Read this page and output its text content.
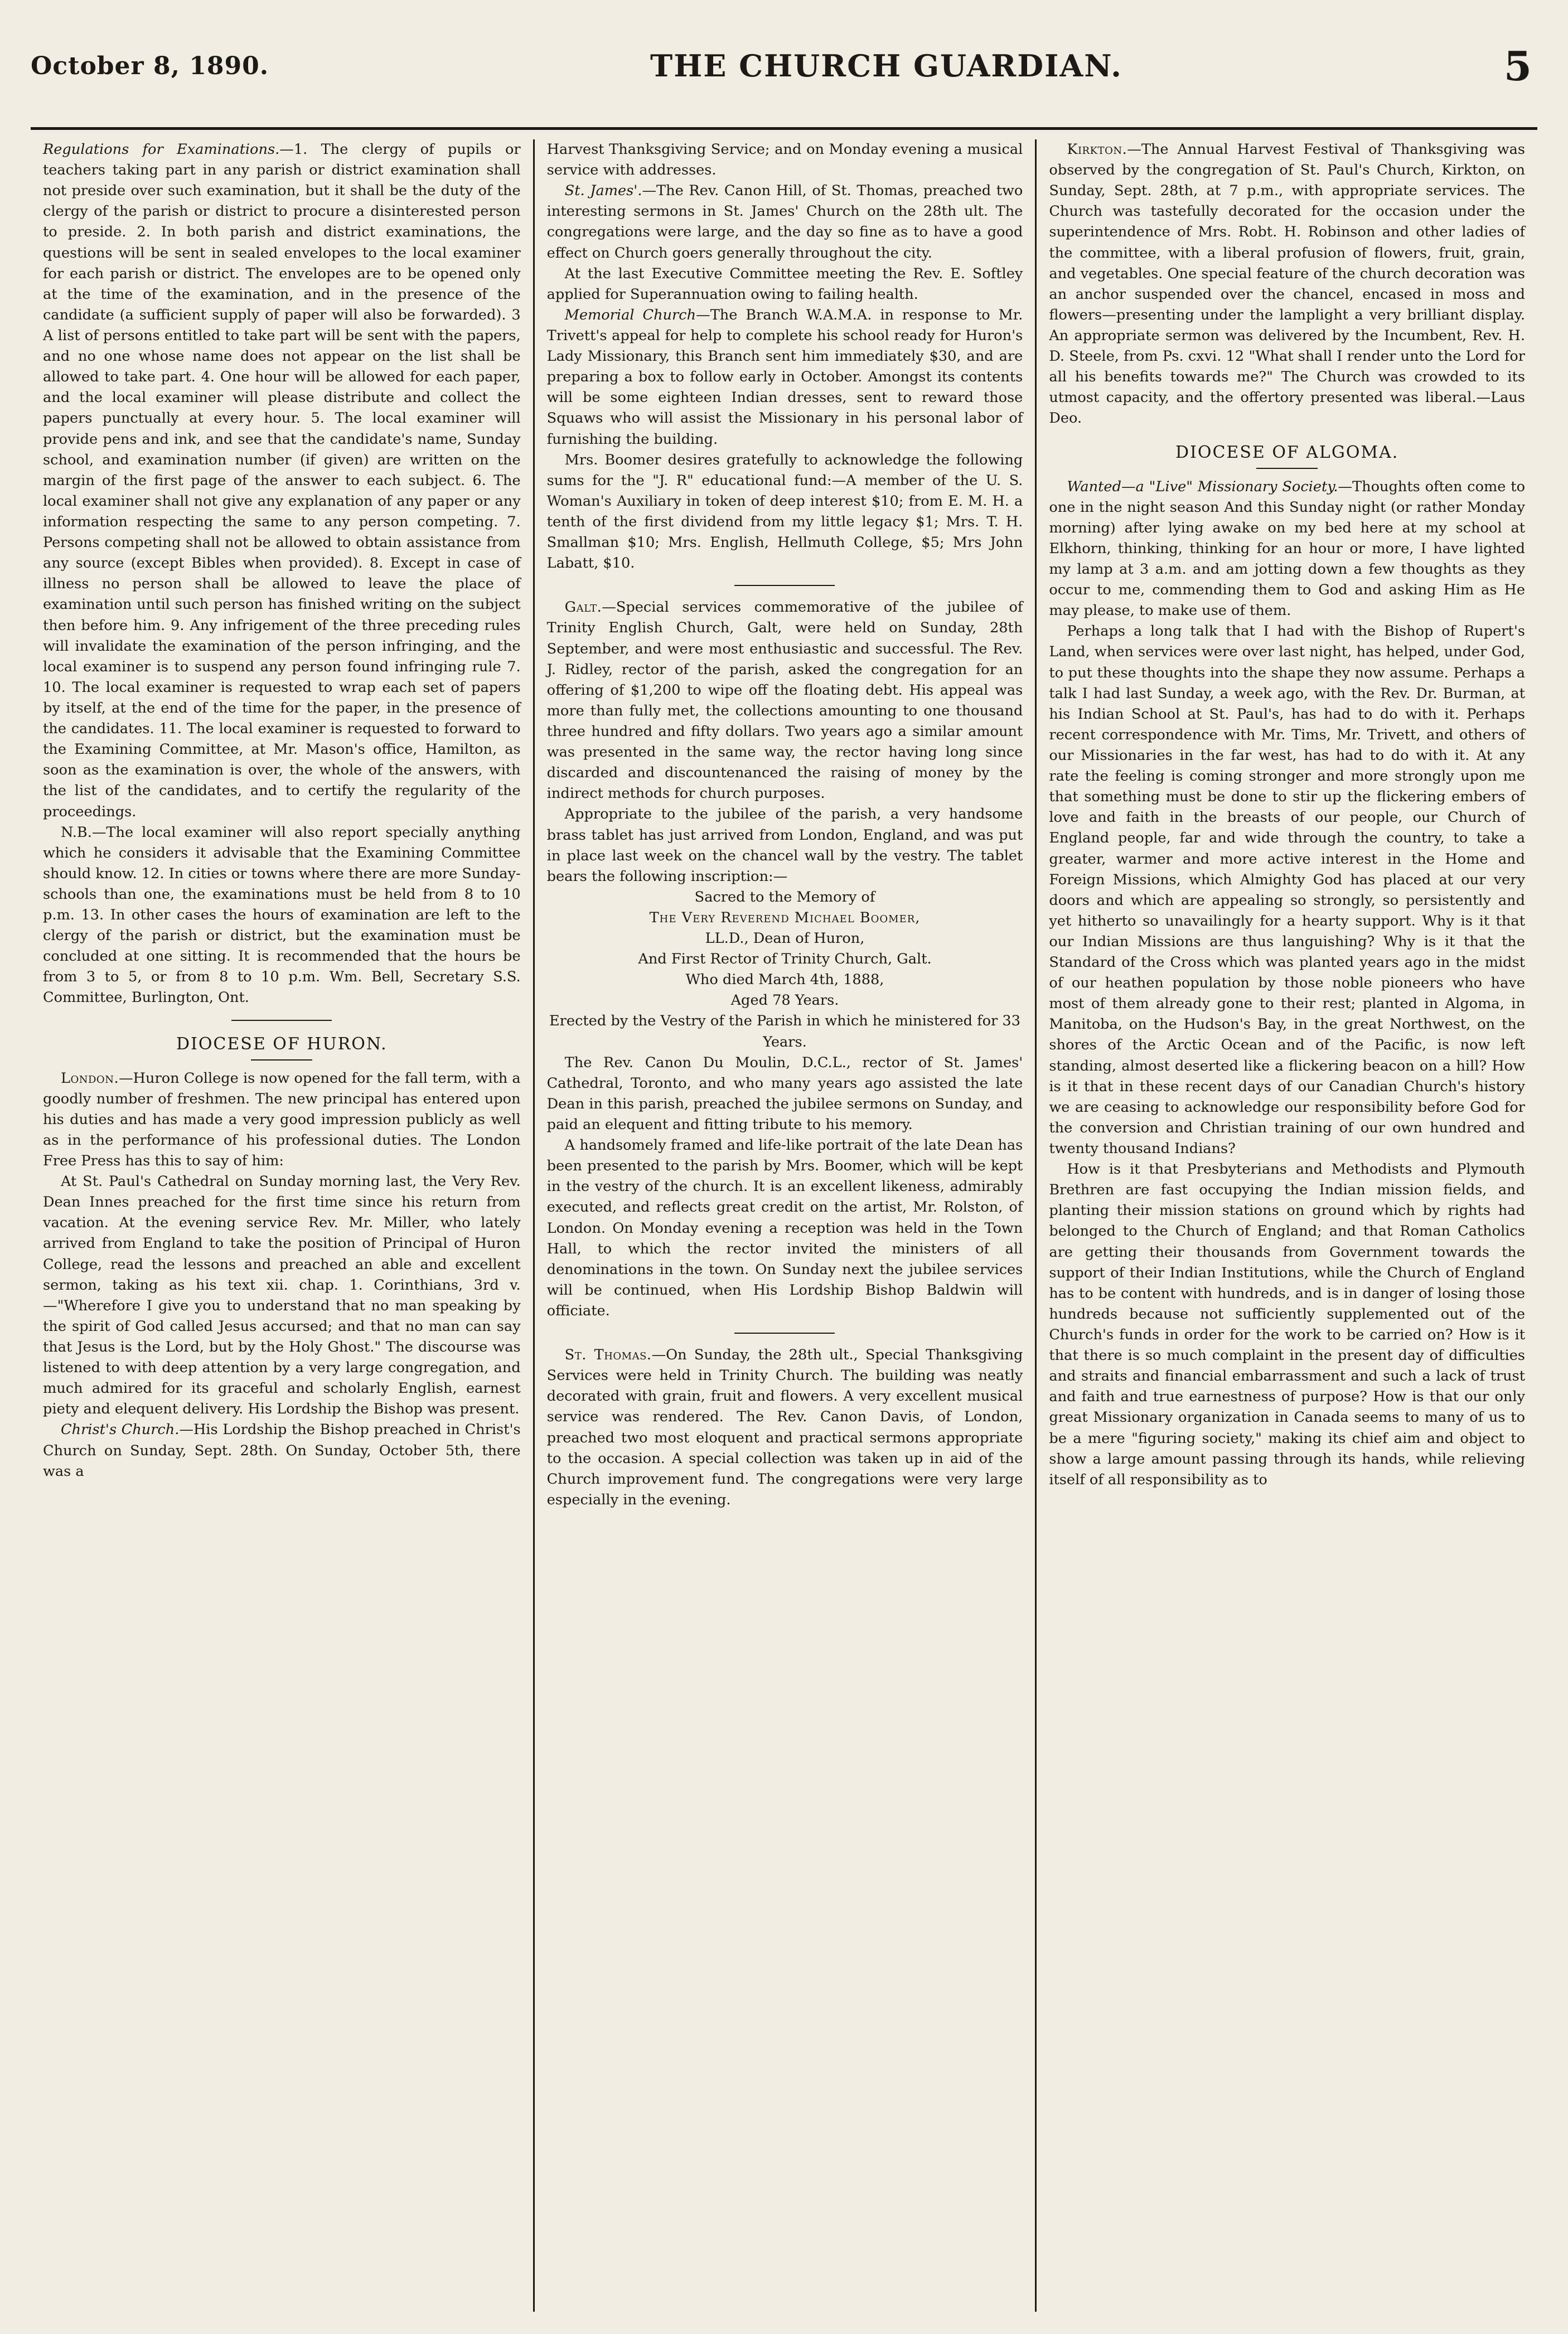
October 8, 1890.	THE CHURCH GUARDIAN.	5

Regulations for Examinations.—1. The clergy of pupils or teachers taking part in any parish or district examination shall not preside over such examination, but it shall be the duty of the clergy of the parish or district to procure a disinterested person to preside. 2. In both parish and district examinations, the questions will be sent in sealed envelopes to the local examiner for each parish or district. The envelopes are to be opened only at the time of the examination, and in the presence of the candidate (a sufficient supply of paper will also be forwarded). 3 A list of persons entitled to take part will be sent with the papers, and no one whose name does not appear on the list shall be allowed to take part. 4. One hour will be allowed for each paper, and the local examiner will please distribute and collect the papers punctually at every hour. 5. The local examiner will provide pens and ink, and see that the candidate's name, Sunday school, and examination number (if given) are written on the margin of the first page of the answer to each subject. 6. The local examiner shall not give any explanation of any paper or any information respecting the same to any person competing. 7. Persons competing shall not be allowed to obtain assistance from any source (except Bibles when provided). 8. Except in case of illness no person shall be allowed to leave the place of examination until such person has finished writing on the subject then before him. 9. Any infrigement of the three preceding rules will invalidate the examination of the person infringing, and the local examiner is to suspend any person found infringing rule 7. 10. The local examiner is requested to wrap each set of papers by itself, at the end of the time for the paper, in the presence of the candidates. 11. The local examiner is requested to forward to the Examining Committee, at Mr. Mason's office, Hamilton, as soon as the examination is over, the whole of the answers, with the list of the candidates, and to certify the regularity of the proceedings.

N.B.—The local examiner will also report specially anything which he considers it advisable that the Examining Committee should know. 12. In cities or towns where there are more Sunday-schools than one, the examinations must be held from 8 to 10 p.m. 13. In other cases the hours of examination are left to the clergy of the parish or district, but the examination must be concluded at one sitting. It is recommended that the hours be from 3 to 5, or from 8 to 10 p.m. Wm. Bell, Secretary S.S. Committee, Burlington, Ont.

DIOCESE OF HURON.

London.—Huron College is now opened for the fall term, with a goodly number of freshmen. The new principal has entered upon his duties and has made a very good impression publicly as well as in the performance of his professional duties. The London Free Press has this to say of him:

At St. Paul's Cathedral on Sunday morning last, the Very Rev. Dean Innes preached for the first time since his return from vacation. At the evening service Rev. Mr. Miller, who lately arrived from England to take the position of Principal of Huron College, read the lessons and preached an able and excellent sermon, taking as his text xii. chap. 1. Corinthians, 3rd v.—"Wherefore I give you to understand that no man speaking by the spirit of God called Jesus accursed; and that no man can say that Jesus is the Lord, but by the Holy Ghost." The discourse was listened to with deep attention by a very large congregation, and much admired for its graceful and scholarly English, earnest piety and elequent delivery. His Lordship the Bishop was present.

Christ's Church.—His Lordship the Bishop preached in Christ's Church on Sunday, Sept. 28th. On Sunday, October 5th, there was a

Harvest Thanksgiving Service; and on Monday evening a musical service with addresses.

St. James'.—The Rev. Canon Hill, of St. Thomas, preached two interesting sermons in St. James' Church on the 28th ult. The congregations were large, and the day so fine as to have a good effect on Church goers generally throughout the city.

At the last Executive Committee meeting the Rev. E. Softley applied for Superannuation owing to failing health.

Memorial Church—The Branch W.A.M.A. in response to Mr. Trivett's appeal for help to complete his school ready for Huron's Lady Missionary, this Branch sent him immediately $30, and are preparing a box to follow early in October. Amongst its contents will be some eighteen Indian dresses, sent to reward those Squaws who will assist the Missionary in his personal labor of furnishing the building.

Mrs. Boomer desires gratefully to acknowledge the following sums for the "J. R" educational fund:—A member of the U. S. Woman's Auxiliary in token of deep interest $10; from E. M. H. a tenth of the first dividend from my little legacy $1; Mrs. T. H. Smallman $10; Mrs. English, Hellmuth College, $5; Mrs John Labatt, $10.

Galt.—Special services commemorative of the jubilee of Trinity English Church, Galt, were held on Sunday, 28th September, and were most enthusiastic and successful. The Rev. J. Ridley, rector of the parish, asked the congregation for an offering of $1,200 to wipe off the floating debt. His appeal was more than fully met, the collections amounting to one thousand three hundred and fifty dollars. Two years ago a similar amount was presented in the same way, the rector having long since discarded and discountenanced the raising of money by the indirect methods for church purposes.

Appropriate to the jubilee of the parish, a very handsome brass tablet has just arrived from London, England, and was put in place last week on the chancel wall by the vestry. The tablet bears the following inscription:—

Sacred to the Memory of

The Very Reverend Michael Boomer,

LL.D., Dean of Huron,

And First Rector of Trinity Church, Galt.

Who died March 4th, 1888,

Aged 78 Years.

Erected by the Vestry of the Parish in which he ministered for 33 Years.

The Rev. Canon Du Moulin, D.C.L., rector of St. James' Cathedral, Toronto, and who many years ago assisted the late Dean in this parish, preached the jubilee sermons on Sunday, and paid an elequent and fitting tribute to his memory.

A handsomely framed and life-like portrait of the late Dean has been presented to the parish by Mrs. Boomer, which will be kept in the vestry of the church. It is an excellent likeness, admirably executed, and reflects great credit on the artist, Mr. Rolston, of London. On Monday evening a reception was held in the Town Hall, to which the rector invited the ministers of all denominations in the town. On Sunday next the jubilee services will be continued, when His Lordship Bishop Baldwin will officiate.

St. Thomas.—On Sunday, the 28th ult., Special Thanksgiving Services were held in Trinity Church. The building was neatly decorated with grain, fruit and flowers. A very excellent musical service was rendered. The Rev. Canon Davis, of London, preached two most eloquent and practical sermons appropriate to the occasion. A special collection was taken up in aid of the Church improvement fund. The congregations were very large especially in the evening.

Kirkton.—The Annual Harvest Festival of Thanksgiving was observed by the congregation of St. Paul's Church, Kirkton, on Sunday, Sept. 28th, at 7 p.m., with appropriate services. The Church was tastefully decorated for the occasion under the superintendence of Mrs. Robt. H. Robinson and other ladies of the committee, with a liberal profusion of flowers, fruit, grain, and vegetables. One special feature of the church decoration was an anchor suspended over the chancel, encased in moss and flowers—presenting under the lamplight a very brilliant display. An appropriate sermon was delivered by the Incumbent, Rev. H. D. Steele, from Ps. cxvi. 12 "What shall I render unto the Lord for all his benefits towards me?" The Church was crowded to its utmost capacity, and the offertory presented was liberal.—Laus Deo.

DIOCESE OF ALGOMA.

Wanted—a "Live" Missionary Society.—Thoughts often come to one in the night season And this Sunday night (or rather Monday morning) after lying awake on my bed here at my school at Elkhorn, thinking, thinking for an hour or more, I have lighted my lamp at 3 a.m. and am jotting down a few thoughts as they occur to me, commending them to God and asking Him as He may please, to make use of them.

Perhaps a long talk that I had with the Bishop of Rupert's Land, when services were over last night, has helped, under God, to put these thoughts into the shape they now assume. Perhaps a talk I had last Sunday, a week ago, with the Rev. Dr. Burman, at his Indian School at St. Paul's, has had to do with it. Perhaps recent correspondence with Mr. Tims, Mr. Trivett, and others of our Missionaries in the far west, has had to do with it. At any rate the feeling is coming stronger and more strongly upon me that something must be done to stir up the flickering embers of love and faith in the breasts of our people, our Church of England people, far and wide through the country, to take a greater, warmer and more active interest in the Home and Foreign Missions, which Almighty God has placed at our very doors and which are appealing so strongly, so persistently and yet hitherto so unavailingly for a hearty support. Why is it that our Indian Missions are thus languishing? Why is it that the Standard of the Cross which was planted years ago in the midst of our heathen population by those noble pioneers who have most of them already gone to their rest; planted in Algoma, in Manitoba, on the Hudson's Bay, in the great Northwest, on the shores of the Arctic Ocean and of the Pacific, is now left standing, almost deserted like a flickering beacon on a hill? How is it that in these recent days of our Canadian Church's history we are ceasing to acknowledge our responsibility before God for the conversion and Christian training of our own hundred and twenty thousand Indians?

How is it that Presbyterians and Methodists and Plymouth Brethren are fast occupying the Indian mission fields, and planting their mission stations on ground which by rights had belonged to the Church of England; and that Roman Catholics are getting their thousands from Government towards the support of their Indian Institutions, while the Church of England has to be content with hundreds, and is in danger of losing those hundreds because not sufficiently supplemented out of the Church's funds in order for the work to be carried on? How is it that there is so much complaint in the present day of difficulties and straits and financial embarrassment and such a lack of trust and faith and true earnestness of purpose? How is that our only great Missionary organization in Canada seems to many of us to be a mere "figuring society," making its chief aim and object to show a large amount passing through its hands, while relieving itself of all responsibility as to
